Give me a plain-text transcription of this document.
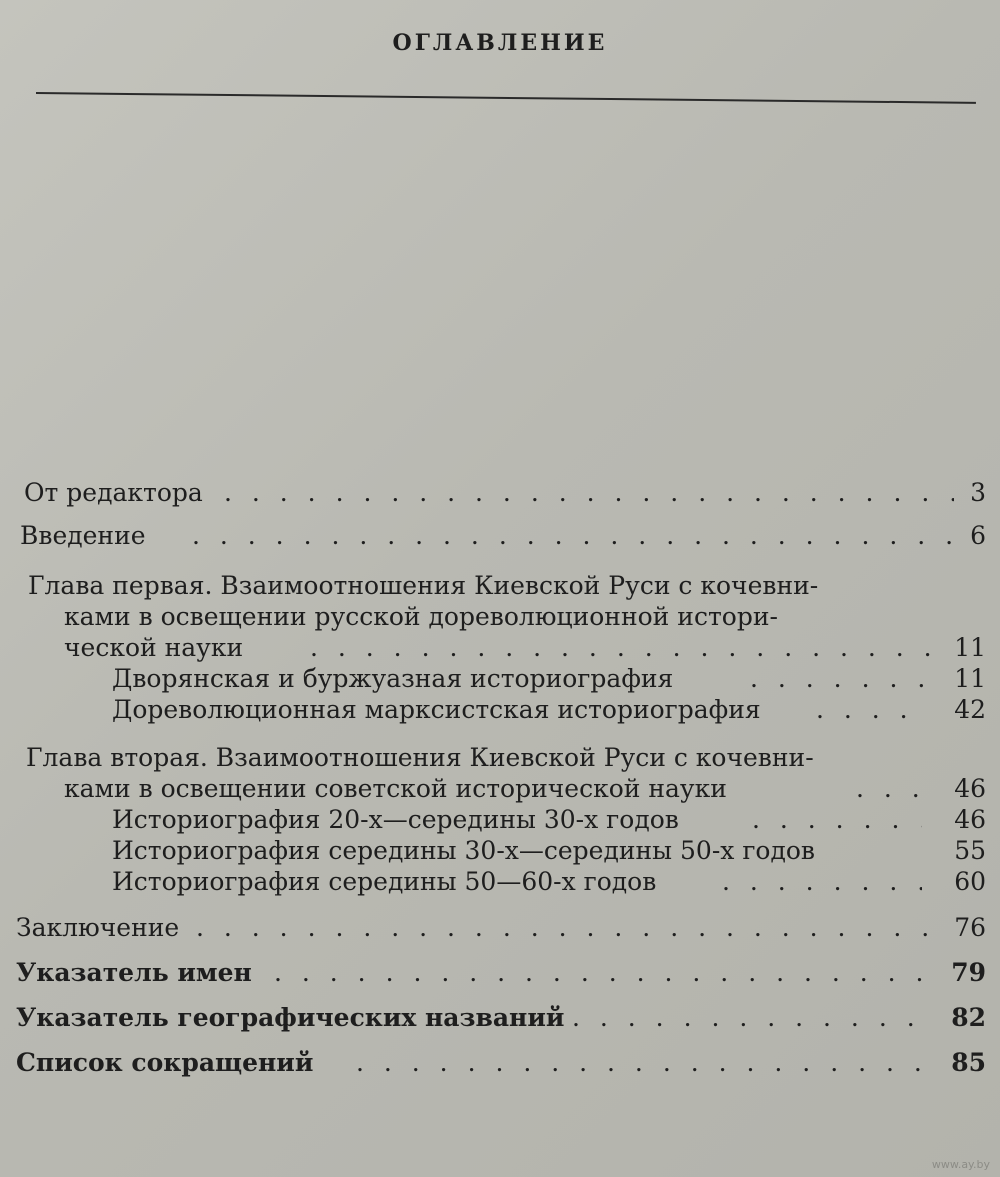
ОГЛАВЛЕНИЕ
От редактора . . .	3
Введение . . .	6
Глава первая. Взаимоотношения Киевской Руси с кочевни-
ками в освещении русской дореволюционной истори-
ческой науки . . .	11
Дворянская и буржуазная историография . . .	11
Дореволюционная марксистская историография . . .	42
Глава вторая. Взаимоотношения Киевской Руси с кочевни-
ками в освещении советской исторической науки . . .	46
Историография 20-х—середины 30-х годов . . .	46
Историография середины 30-х—середины 50-х годов	55
Историография середины 50—60-х годов . . .	60
Заключение . . .	76
Указатель имен . . .	79
Указатель географических названий . . .	82
Список сокращений . . .	85
www.ay.by
